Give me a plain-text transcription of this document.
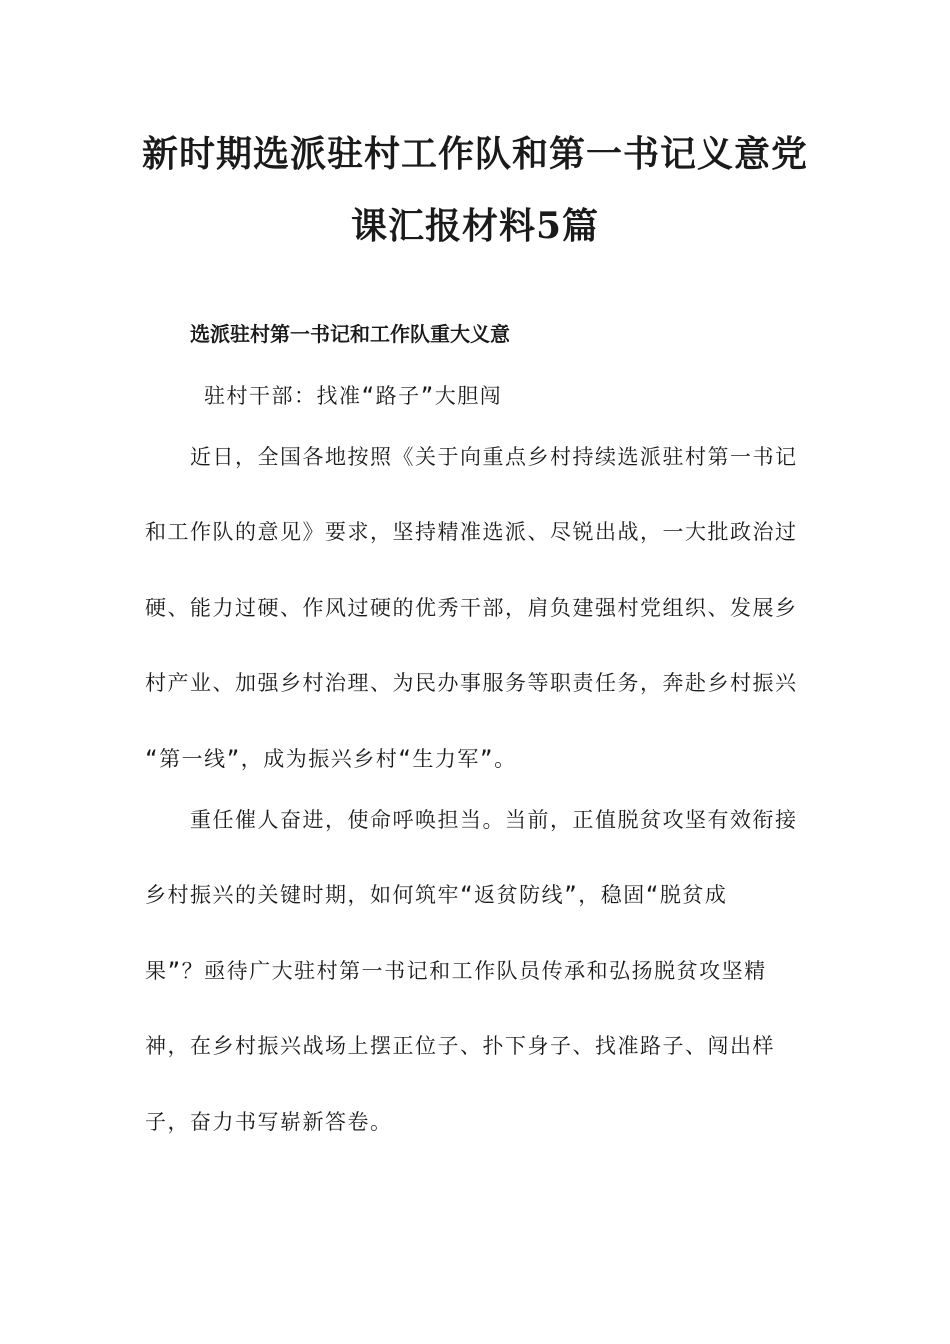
新时期选派驻村工作队和第一书记义意党
课汇报材料5篇
选派驻村第一书记和工作队重大义意

驻村干部：找准“路子”大胆闯

近日，全国各地按照《关于向重点乡村持续选派驻村第一书记

和工作队的意见》要求，坚持精准选派、尽锐出战，一大批政治过

硬、能力过硬、作风过硬的优秀干部，肩负建强村党组织、发展乡

村产业、加强乡村治理、为民办事服务等职责任务，奔赴乡村振兴

“第一线”，成为振兴乡村“生力军”。

重任催人奋进，使命呼唤担当。当前，正值脱贫攻坚有效衔接

乡村振兴的关键时期，如何筑牢“返贫防线”，稳固“脱贫成

果”？亟待广大驻村第一书记和工作队员传承和弘扬脱贫攻坚精

神，在乡村振兴战场上摆正位子、扑下身子、找准路子、闯出样

子，奋力书写崭新答卷。
